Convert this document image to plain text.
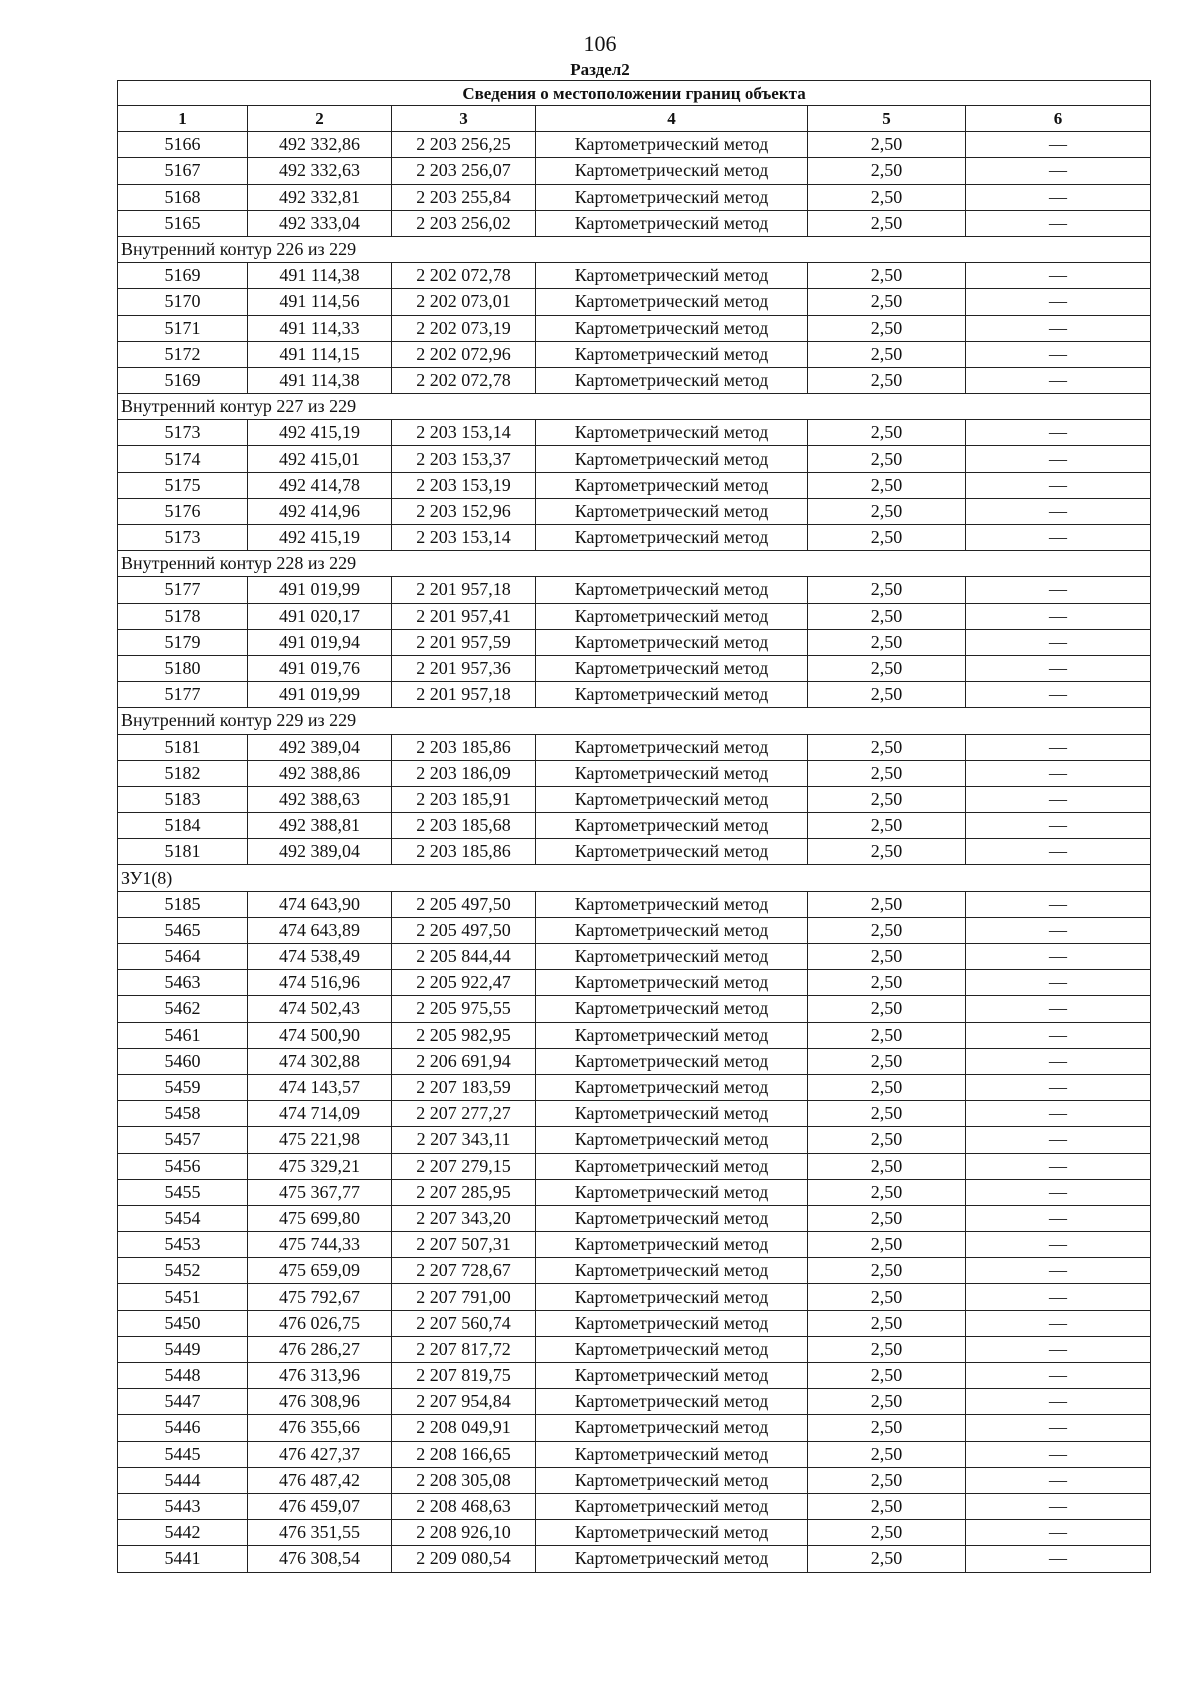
106
Раздел2
Сведения о местоположении границ объекта					
1	2	3	4	5	6
5166	492 332,86	2 203 256,25	Картометрический метод	2,50	—
5167	492 332,63	2 203 256,07	Картометрический метод	2,50	—
5168	492 332,81	2 203 255,84	Картометрический метод	2,50	—
5165	492 333,04	2 203 256,02	Картометрический метод	2,50	—
Внутренний контур 226 из 229					
5169	491 114,38	2 202 072,78	Картометрический метод	2,50	—
5170	491 114,56	2 202 073,01	Картометрический метод	2,50	—
5171	491 114,33	2 202 073,19	Картометрический метод	2,50	—
5172	491 114,15	2 202 072,96	Картометрический метод	2,50	—
5169	491 114,38	2 202 072,78	Картометрический метод	2,50	—
Внутренний контур 227 из 229					
5173	492 415,19	2 203 153,14	Картометрический метод	2,50	—
5174	492 415,01	2 203 153,37	Картометрический метод	2,50	—
5175	492 414,78	2 203 153,19	Картометрический метод	2,50	—
5176	492 414,96	2 203 152,96	Картометрический метод	2,50	—
5173	492 415,19	2 203 153,14	Картометрический метод	2,50	—
Внутренний контур 228 из 229					
5177	491 019,99	2 201 957,18	Картометрический метод	2,50	—
5178	491 020,17	2 201 957,41	Картометрический метод	2,50	—
5179	491 019,94	2 201 957,59	Картометрический метод	2,50	—
5180	491 019,76	2 201 957,36	Картометрический метод	2,50	—
5177	491 019,99	2 201 957,18	Картометрический метод	2,50	—
Внутренний контур 229 из 229					
5181	492 389,04	2 203 185,86	Картометрический метод	2,50	—
5182	492 388,86	2 203 186,09	Картометрический метод	2,50	—
5183	492 388,63	2 203 185,91	Картометрический метод	2,50	—
5184	492 388,81	2 203 185,68	Картометрический метод	2,50	—
5181	492 389,04	2 203 185,86	Картометрический метод	2,50	—
ЗУ1(8)					
5185	474 643,90	2 205 497,50	Картометрический метод	2,50	—
5465	474 643,89	2 205 497,50	Картометрический метод	2,50	—
5464	474 538,49	2 205 844,44	Картометрический метод	2,50	—
5463	474 516,96	2 205 922,47	Картометрический метод	2,50	—
5462	474 502,43	2 205 975,55	Картометрический метод	2,50	—
5461	474 500,90	2 205 982,95	Картометрический метод	2,50	—
5460	474 302,88	2 206 691,94	Картометрический метод	2,50	—
5459	474 143,57	2 207 183,59	Картометрический метод	2,50	—
5458	474 714,09	2 207 277,27	Картометрический метод	2,50	—
5457	475 221,98	2 207 343,11	Картометрический метод	2,50	—
5456	475 329,21	2 207 279,15	Картометрический метод	2,50	—
5455	475 367,77	2 207 285,95	Картометрический метод	2,50	—
5454	475 699,80	2 207 343,20	Картометрический метод	2,50	—
5453	475 744,33	2 207 507,31	Картометрический метод	2,50	—
5452	475 659,09	2 207 728,67	Картометрический метод	2,50	—
5451	475 792,67	2 207 791,00	Картометрический метод	2,50	—
5450	476 026,75	2 207 560,74	Картометрический метод	2,50	—
5449	476 286,27	2 207 817,72	Картометрический метод	2,50	—
5448	476 313,96	2 207 819,75	Картометрический метод	2,50	—
5447	476 308,96	2 207 954,84	Картометрический метод	2,50	—
5446	476 355,66	2 208 049,91	Картометрический метод	2,50	—
5445	476 427,37	2 208 166,65	Картометрический метод	2,50	—
5444	476 487,42	2 208 305,08	Картометрический метод	2,50	—
5443	476 459,07	2 208 468,63	Картометрический метод	2,50	—
5442	476 351,55	2 208 926,10	Картометрический метод	2,50	—
5441	476 308,54	2 209 080,54	Картометрический метод	2,50	—
